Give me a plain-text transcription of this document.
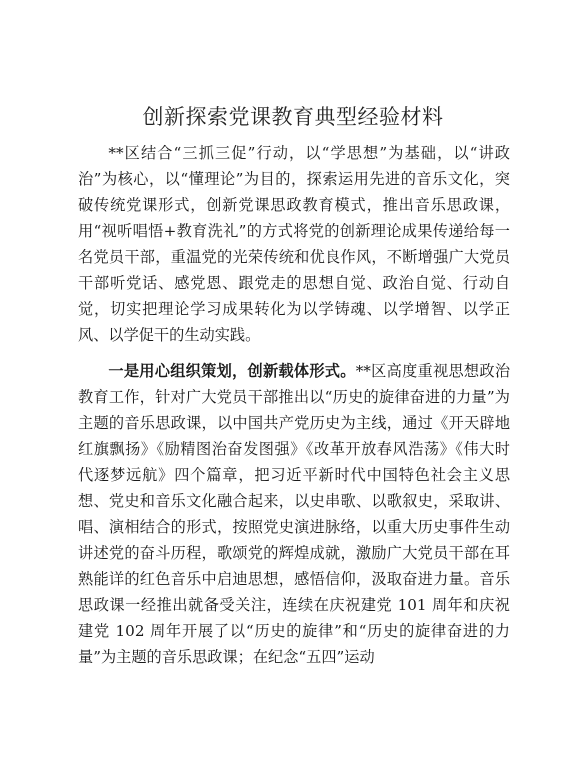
创新探索党课教育典型经验材料

**区结合“三抓三促”行动，以“学思想”为基础，以“讲政治”为核心，以“懂理论”为目的，探索运用先进的音乐文化，突破传统党课形式，创新党课思政教育模式，推出音乐思政课，用“视听唱悟+教育洗礼”的方式将党的创新理论成果传递给每一名党员干部，重温党的光荣传统和优良作风，不断增强广大党员干部听党话、感党恩、跟党走的思想自觉、政治自觉、行动自觉，切实把理论学习成果转化为以学铸魂、以学增智、以学正风、以学促干的生动实践。

一是用心组织策划，创新载体形式。**区高度重视思想政治教育工作，针对广大党员干部推出以“历史的旋律奋进的力量”为主题的音乐思政课，以中国共产党历史为主线，通过《开天辟地红旗飘扬》《励精图治奋发图强》《改革开放春风浩荡》《伟大时代逐梦远航》四个篇章，把习近平新时代中国特色社会主义思想、党史和音乐文化融合起来，以史串歌、以歌叙史，采取讲、唱、演相结合的形式，按照党史演进脉络，以重大历史事件生动讲述党的奋斗历程，歌颂党的辉煌成就，激励广大党员干部在耳熟能详的红色音乐中启迪思想，感悟信仰，汲取奋进力量。音乐思政课一经推出就备受关注，连续在庆祝建党 101 周年和庆祝建党 102 周年开展了以“历史的旋律”和“历史的旋律奋进的力量”为主题的音乐思政课；在纪念“五四”运动
